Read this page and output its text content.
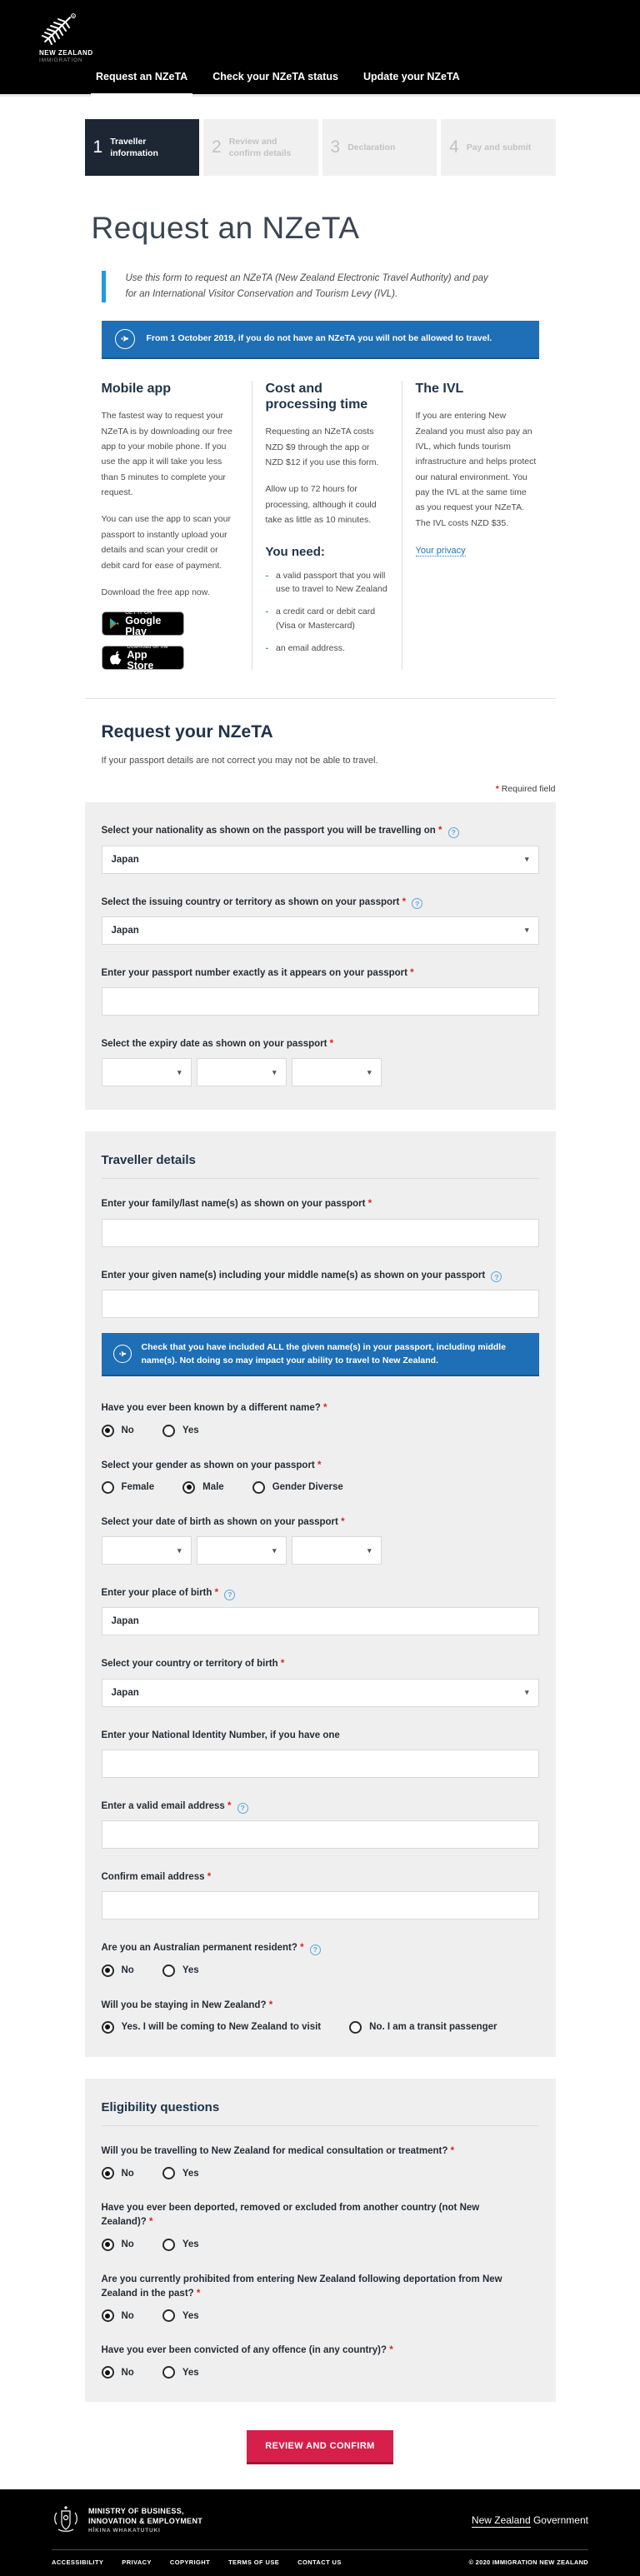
R
NEW ZEALAND
IMMIGRATION
Request an NZeTA Check your NZeTA status Update your NZeTA
1 Traveller information	2 Review and confirm details 3 Declaration	4 Pay and submit
Request an NZeTA
Use this form to request an NZeTA (New Zealand Electronic Travel Authority) and pay for an International Visitor Conservation and Tourism Levy (IVL).
From 1 October 2019, if you do not have an NZeTA you will not be allowed to travel.
Mobile app

The fastest way to request your NZeTA is by downloading our free app to your mobile phone. If you use the app it will take you less than 5 minutes to complete your request.

You can use the app to scan your passport to instantly upload your details and scan your credit or debit card for ease of payment.

Download the free app now.

GET IT ON
Google Play
Download on the
App Store
Cost and processing time

Requesting an NZeTA costs NZD $9 through the app or NZD $12 if you use this form.

Allow up to 72 hours for processing, although it could take as little as 10 minutes.

You need:
- a valid passport that you will use to travel to New Zealand
- a credit card or debit card (Visa or Mastercard)
- an email address.
The IVL

If you are entering New Zealand you must also pay an IVL, which funds tourism infrastructure and helps protect our natural environment. You pay the IVL at the same time as you request your NZeTA. The IVL costs NZD $35.

Your privacy
Request your NZeTA

If your passport details are not correct you may not be able to travel.

* Required field
Select your nationality as shown on the passport you will be travelling on * ?
Japan	▾
Select the issuing country or territory as shown on your passport * ?
Japan	▾
Enter your passport number exactly as it appears on your passport *
Select the expiry date as shown on your passport *
▾	▾	▾
Traveller details
Enter your family/last name(s) as shown on your passport *
Enter your given name(s) including your middle name(s) as shown on your passport ?
Check that you have included ALL the given name(s) in your passport, including middle name(s). Not doing so may impact your ability to travel to New Zealand.
Have you ever been known by a different name? *
No	Yes
Select your gender as shown on your passport *
Female	Male	Gender Diverse
Select your date of birth as shown on your passport *
▾	▾	▾
Enter your place of birth * ?
Japan
Select your country or territory of birth *
Japan	▾
Enter your National Identity Number, if you have one
Enter a valid email address * ?
Confirm email address *
Are you an Australian permanent resident? * ?
No	Yes
Will you be staying in New Zealand? *
Yes. I will be coming to New Zealand to visit	No. I am a transit passenger
Eligibility questions
Will you be travelling to New Zealand for medical consultation or treatment? *
No	Yes
Have you ever been deported, removed or excluded from another country (not New Zealand)? *
No	Yes
Are you currently prohibited from entering New Zealand following deportation from New Zealand in the past? *
No	Yes
Have you ever been convicted of any offence (in any country)? *
No	Yes
REVIEW AND CONFIRM
MINISTRY OF BUSINESS,
INNOVATION & EMPLOYMENT
HĪKINA WHAKATUTUKI
New Zealand Government
ACCESSIBILITY	PRIVACY	COPYRIGHT	TERMS OF USE	CONTACT US	© 2020 IMMIGRATION NEW ZEALAND
